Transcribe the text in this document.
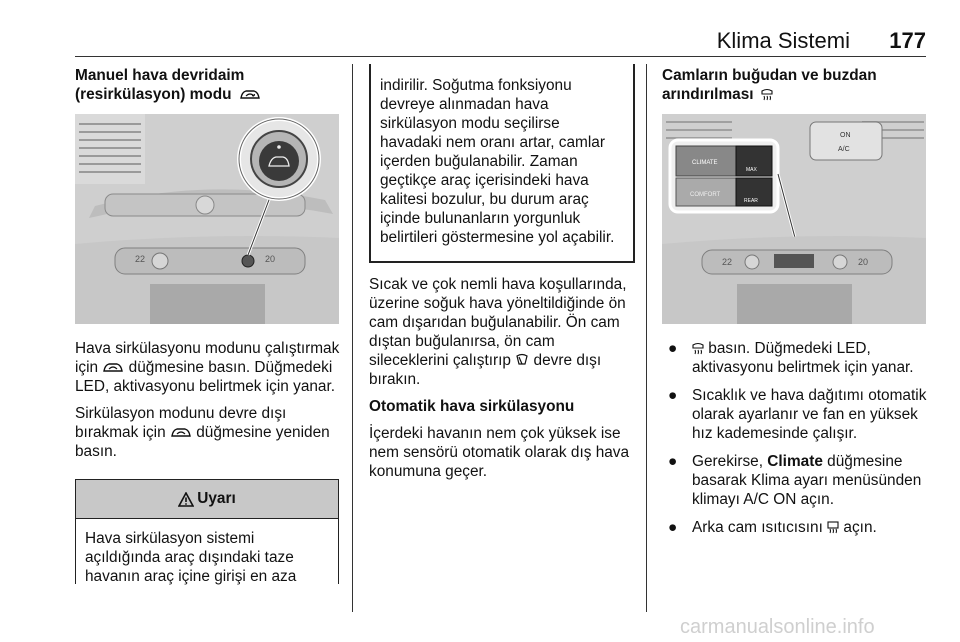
Klima Sistemi 177

Manuel hava devridaim (resirkülasyon) modu

22	20

Hava sirkülasyonu modunu çalıştırmak için düğmesine basın. Düğmedeki LED, aktivasyonu belirtmek için yanar.

Sirkülasyon modunu devre dışı bırakmak için düğmesine yeniden basın.

Uyarı
Hava sirkülasyon sistemi açıldığında araç dışındaki taze havanın araç içine girişi en aza
indirilir. Soğutma fonksiyonu devreye alınmadan hava sirkülasyon modu seçilirse havadaki nem oranı artar, camlar içerden buğulanabilir. Zaman geçtikçe araç içerisindeki hava kalitesi bozulur, bu durum araç içinde bulunanların yorgunluk belirtileri göstermesine yol açabilir.

Sıcak ve çok nemli hava koşullarında, üzerine soğuk hava yöneltildiğinde ön cam dışarıdan buğulanabilir. Ön cam dıştan buğulanırsa, ön cam sileceklerini çalıştırıp devre dışı bırakın.

Otomatik hava sirkülasyonu

İçerdeki havanın nem çok yüksek ise nem sensörü otomatik olarak dış hava konumuna geçer.

Camların buğudan ve buzdan arındırılması

ON
A/C
CLIMATE
MAX
COMFORT
REAR
22	20
● basın. Düğmedeki LED, aktivasyonu belirtmek için yanar.
● Sıcaklık ve hava dağıtımı otomatik olarak ayarlanır ve fan en yüksek hız kademesinde çalışır.
● Gerekirse, Climate düğmesine basarak Klima ayarı menüsünden klimayı A/C ON açın.
● Arka cam ısıtıcısını açın.
carmanualsonline.info
